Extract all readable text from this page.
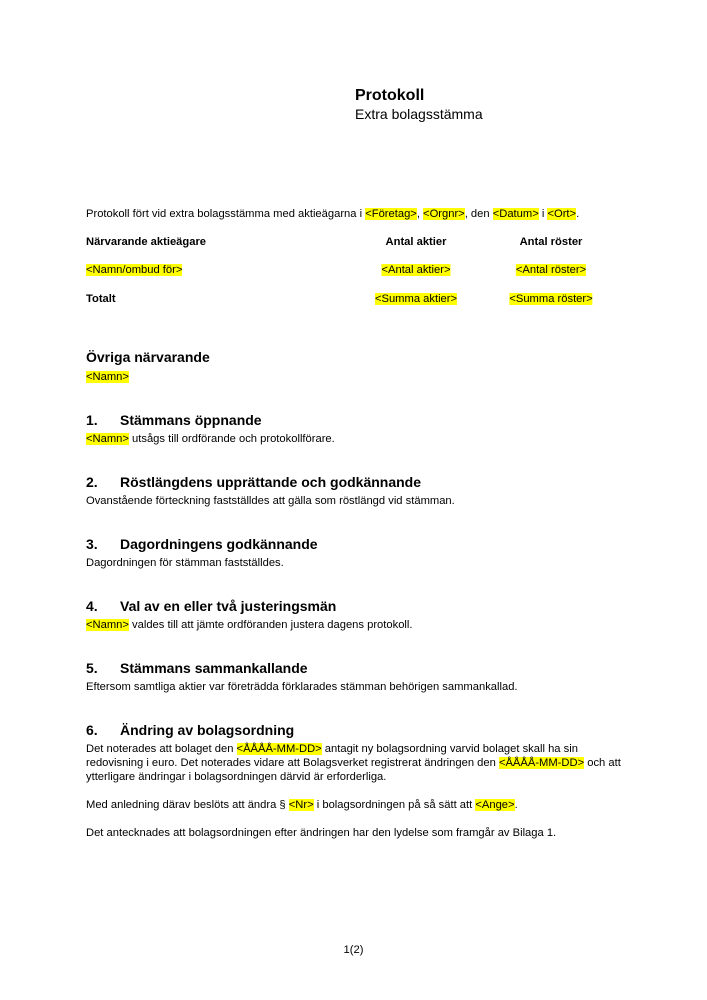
Protokoll
Extra bolagsstämma
Protokoll fört vid extra bolagsstämma med aktieägarna i <Företag>, <Orgnr>, den <Datum> i <Ort>.
Närvarande aktieägare	Antal aktier	Antal röster
<Namn/ombud för>	<Antal aktier>	<Antal röster>
Totalt	<Summa aktier>	<Summa röster>
Övriga närvarande

<Namn>

1. Stämmans öppnande

<Namn> utsågs till ordförande och protokollförare.

2. Röstlängdens upprättande och godkännande

Ovanstående förteckning fastställdes att gälla som röstlängd vid stämman.

3. Dagordningens godkännande

Dagordningen för stämman fastställdes.

4. Val av en eller två justeringsmän

<Namn> valdes till att jämte ordföranden justera dagens protokoll.

5. Stämmans sammankallande

Eftersom samtliga aktier var företrädda förklarades stämman behörigen sammankallad.

6. Ändring av bolagsordning

Det noterades att bolaget den <ÅÅÅÅ-MM-DD> antagit ny bolagsordning varvid bolaget skall ha sin redovisning i euro. Det noterades vidare att Bolagsverket registrerat ändringen den <ÅÅÅÅ-MM-DD> och att ytterligare ändringar i bolagsordningen därvid är erforderliga.

Med anledning därav beslöts att ändra § <Nr> i bolagsordningen på så sätt att <Ange>.

Det antecknades att bolagsordningen efter ändringen har den lydelse som framgår av Bilaga 1.

1(2)
